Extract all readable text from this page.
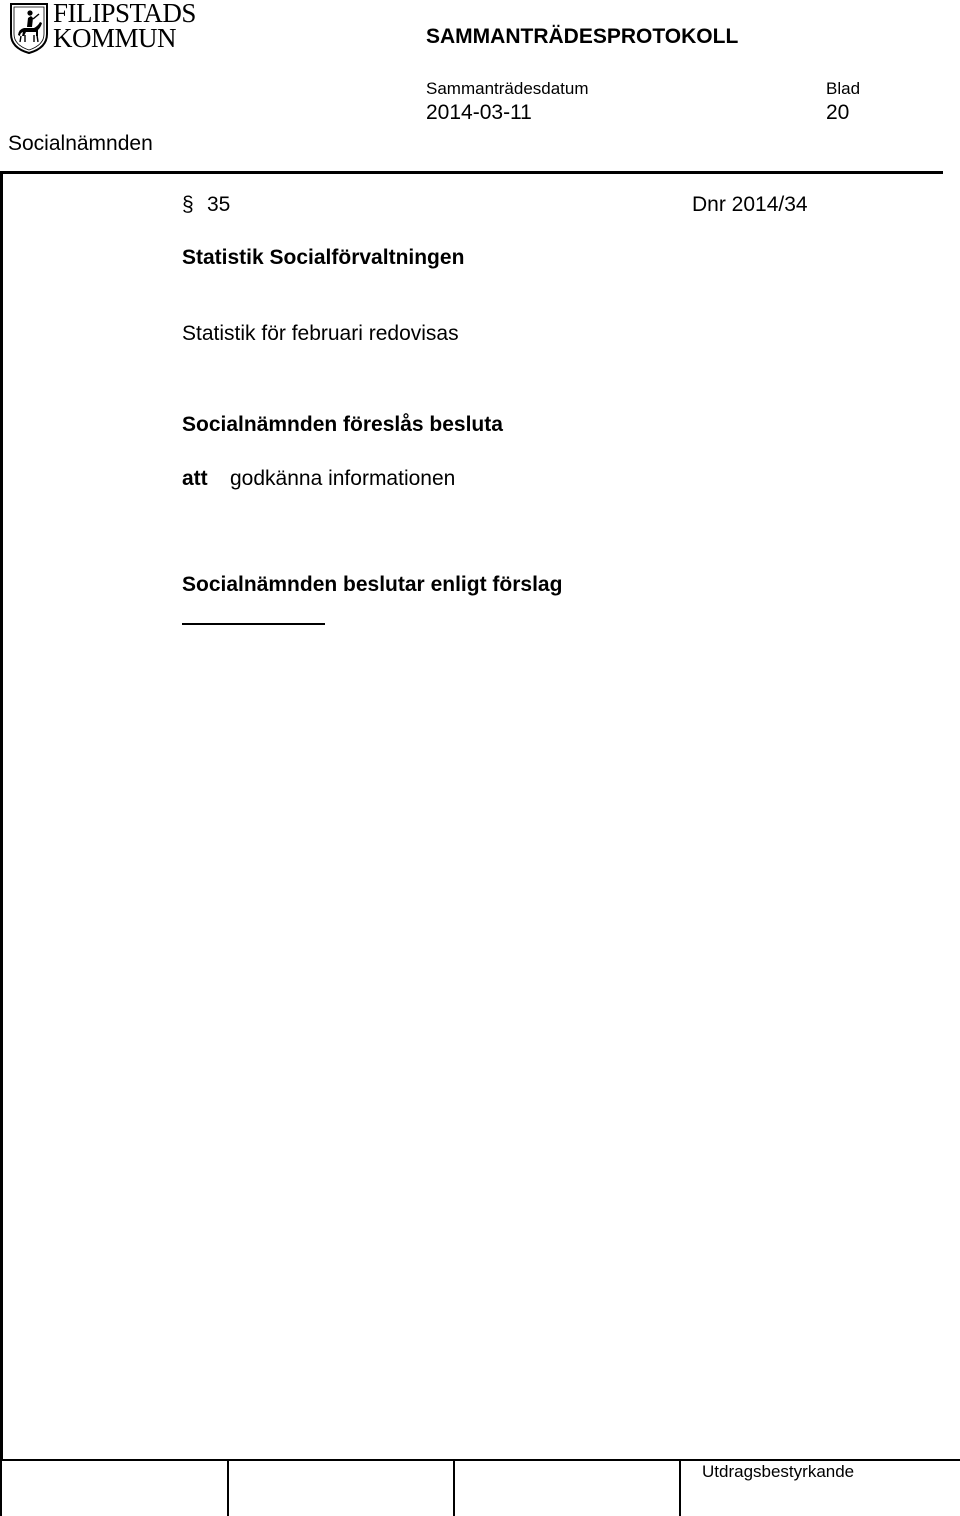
FILIPSTADS
KOMMUN	SAMMANTRÄDESPROTOKOLL
Sammanträdesdatum	Blad
2014-03-11	20
Socialnämnden
§ 35	Dnr 2014/34
Statistik Socialförvaltningen
Statistik för februari redovisas
Socialnämnden föreslås besluta
att godkänna informationen
Socialnämnden beslutar enligt förslag
Utdragsbestyrkande
